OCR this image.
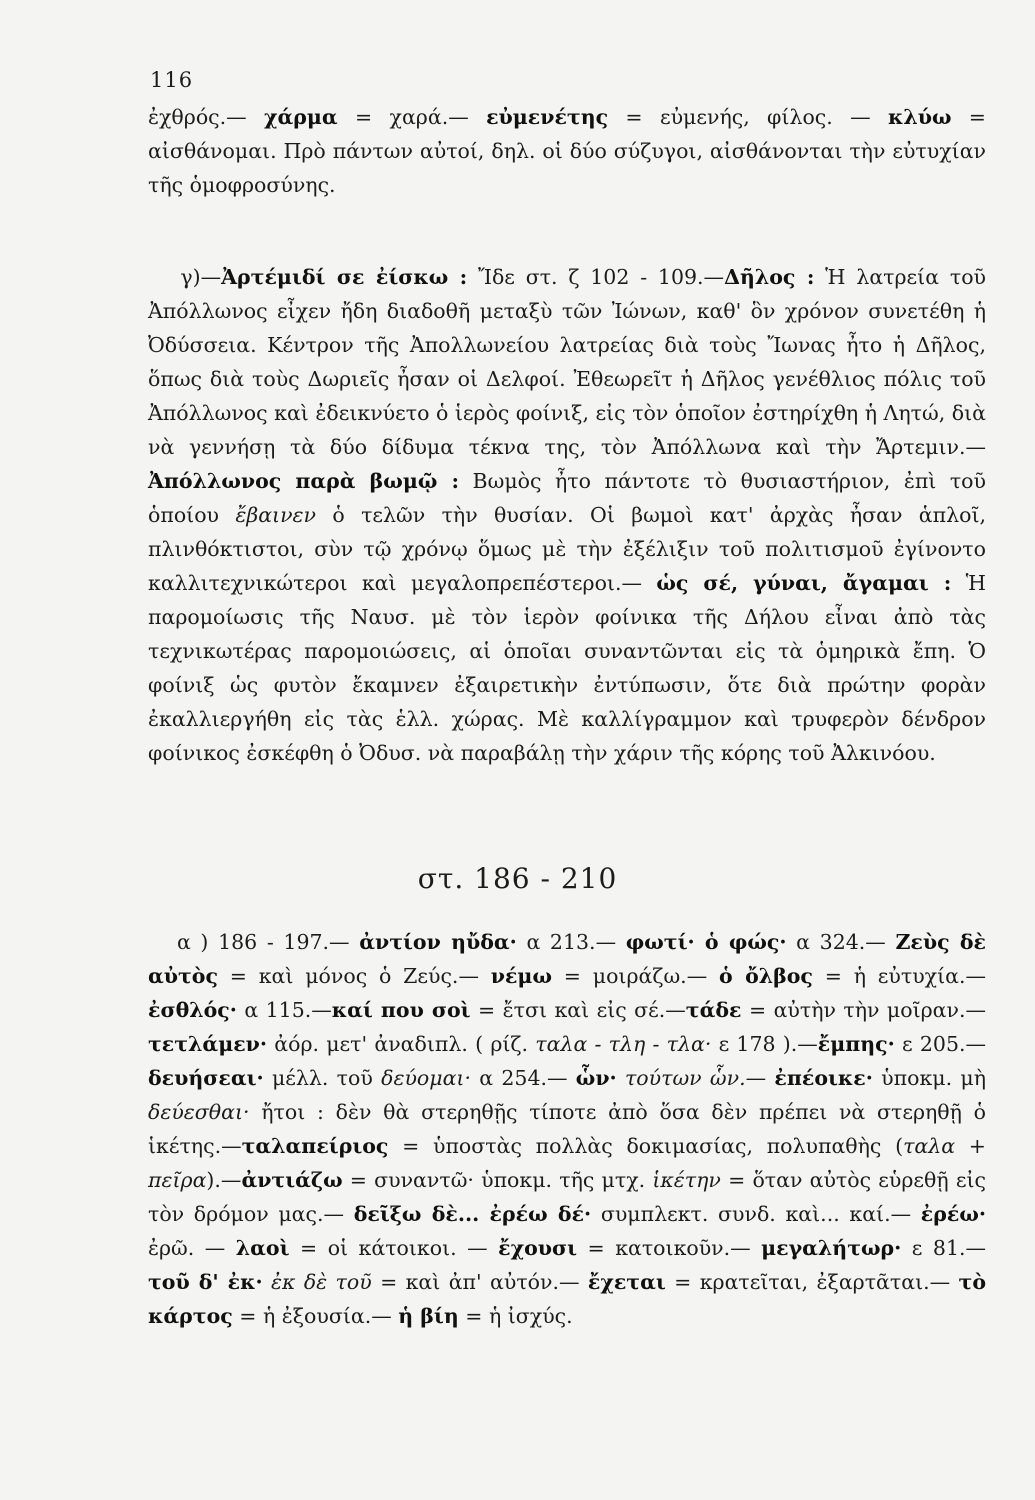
116
ἐχθρός.— χάρμα = χαρά.— εὐμενέτης = εὐμενής, φίλος. — κλύω = αἰσθάνομαι. Πρὸ πάντων αὐτοί, δηλ. οἱ δύο σύζυγοι, αἰσθάνονται τὴν εὐτυχίαν τῆς ὁμοφροσύνης.
γ)—Ἀρτέμιδί σε ἐίσκω : Ἴδε στ. ζ 102 - 109.—Δῆλος : Ἡ λατρεία τοῦ Ἀπόλλωνος εἶχεν ἤδη διαδοθῆ μεταξὺ τῶν Ἰώνων, καθ' ὃν χρόνον συνετέθη ἡ Ὀδύσσεια. Κέντρον τῆς Ἀπολλωνείου λατρείας διὰ τοὺς Ἴωνας ἦτο ἡ Δῆλος, ὅπως διὰ τοὺς Δωριεῖς ἦσαν οἱ Δελφοί. Ἐθεωρεῖτ ἡ Δῆλος γενέθλιος πόλις τοῦ Ἀπόλλωνος καὶ ἐδεικνύετο ὁ ἱερὸς φοίνιξ, εἰς τὸν ὁποῖον ἐστηρίχθη ἡ Λητώ, διὰ νὰ γεννήσῃ τὰ δύο δίδυμα τέκνα της, τὸν Ἀπόλλωνα καὶ τὴν Ἄρτεμιν.—Ἀπόλλωνος παρὰ βωμῷ : Βωμὸς ἦτο πάντοτε τὸ θυσιαστήριον, ἐπὶ τοῦ ὁποίου ἔβαινεν ὁ τελῶν τὴν θυσίαν. Οἱ βωμοὶ κατ' ἀρχὰς ἦσαν ἁπλοῖ, πλινθόκτιστοι, σὺν τῷ χρόνῳ ὅμως μὲ τὴν ἐξέλιξιν τοῦ πολιτισμοῦ ἐγίνοντο καλλιτεχνικώτεροι καὶ μεγαλοπρεπέστεροι.— ὡς σέ, γύναι, ἄγαμαι : Ἡ παρομοίωσις τῆς Ναυσ. μὲ τὸν ἱερὸν φοίνικα τῆς Δήλου εἶναι ἀπὸ τὰς τεχνικωτέρας παρομοιώσεις, αἱ ὁποῖαι συναντῶνται εἰς τὰ ὁμηρικὰ ἔπη. Ὁ φοίνιξ ὡς φυτὸν ἔκαμνεν ἐξαιρετικὴν ἐντύπωσιν, ὅτε διὰ πρώτην φορὰν ἐκαλλιεργήθη εἰς τὰς ἑλλ. χώρας. Μὲ καλλίγραμμον καὶ τρυφερὸν δένδρον φοίνικος ἐσκέφθη ὁ Ὀδυσ. νὰ παραβάλῃ τὴν χάριν τῆς κόρης τοῦ Ἀλκινόου.
στ. 186 - 210
α ) 186 - 197.— ἀντίον ηὔδα· α 213.— φωτί· ὁ φώς· α 324.— Ζεὺς δὲ αὐτὸς = καὶ μόνος ὁ Ζεύς.— νέμω = μοιράζω.— ὁ ὄλβος = ἡ εὐτυχία.—ἐσθλός· α 115.—καί που σοὶ = ἔτσι καὶ εἰς σέ.—τάδε = αὐτὴν τὴν μοῖραν.— τετλάμεν· ἀόρ. μετ' ἀναδιπλ. ( ρίζ. ταλα - τλη - τλα· ε 178 ).—ἔμπης· ε 205.—δευήσεαι· μέλλ. τοῦ δεύομαι· α 254.— ὧν· τούτων ὧν.— ἐπέοικε· ὑποκμ. μὴ δεύεσθαι· ἤτοι : δὲν θὰ στερηθῇς τίποτε ἀπὸ ὅσα δὲν πρέπει νὰ στερηθῇ ὁ ἱκέτης.—ταλαπείριος = ὑποστὰς πολλὰς δοκιμασίας, πολυπαθὴς (ταλα + πεῖρα).—ἀντιάζω = συναντῶ· ὑποκμ. τῆς μτχ. ἱκέτην = ὅταν αὐτὸς εὑρεθῇ εἰς τὸν δρόμον μας.— δεῖξω δὲ... ἐρέω δέ· συμπλεκτ. συνδ. καὶ... καί.— ἐρέω· ἐρῶ. — λαοὶ = οἱ κάτοικοι. — ἔχουσι = κατοικοῦν.— μεγαλήτωρ· ε 81.— τοῦ δ' ἐκ· ἐκ δὲ τοῦ = καὶ ἀπ' αὐτόν.— ἔχεται = κρατεῖται, ἐξαρτᾶται.— τὸ κάρτος = ἡ ἐξουσία.— ἡ βίη = ἡ ἰσχύς.
